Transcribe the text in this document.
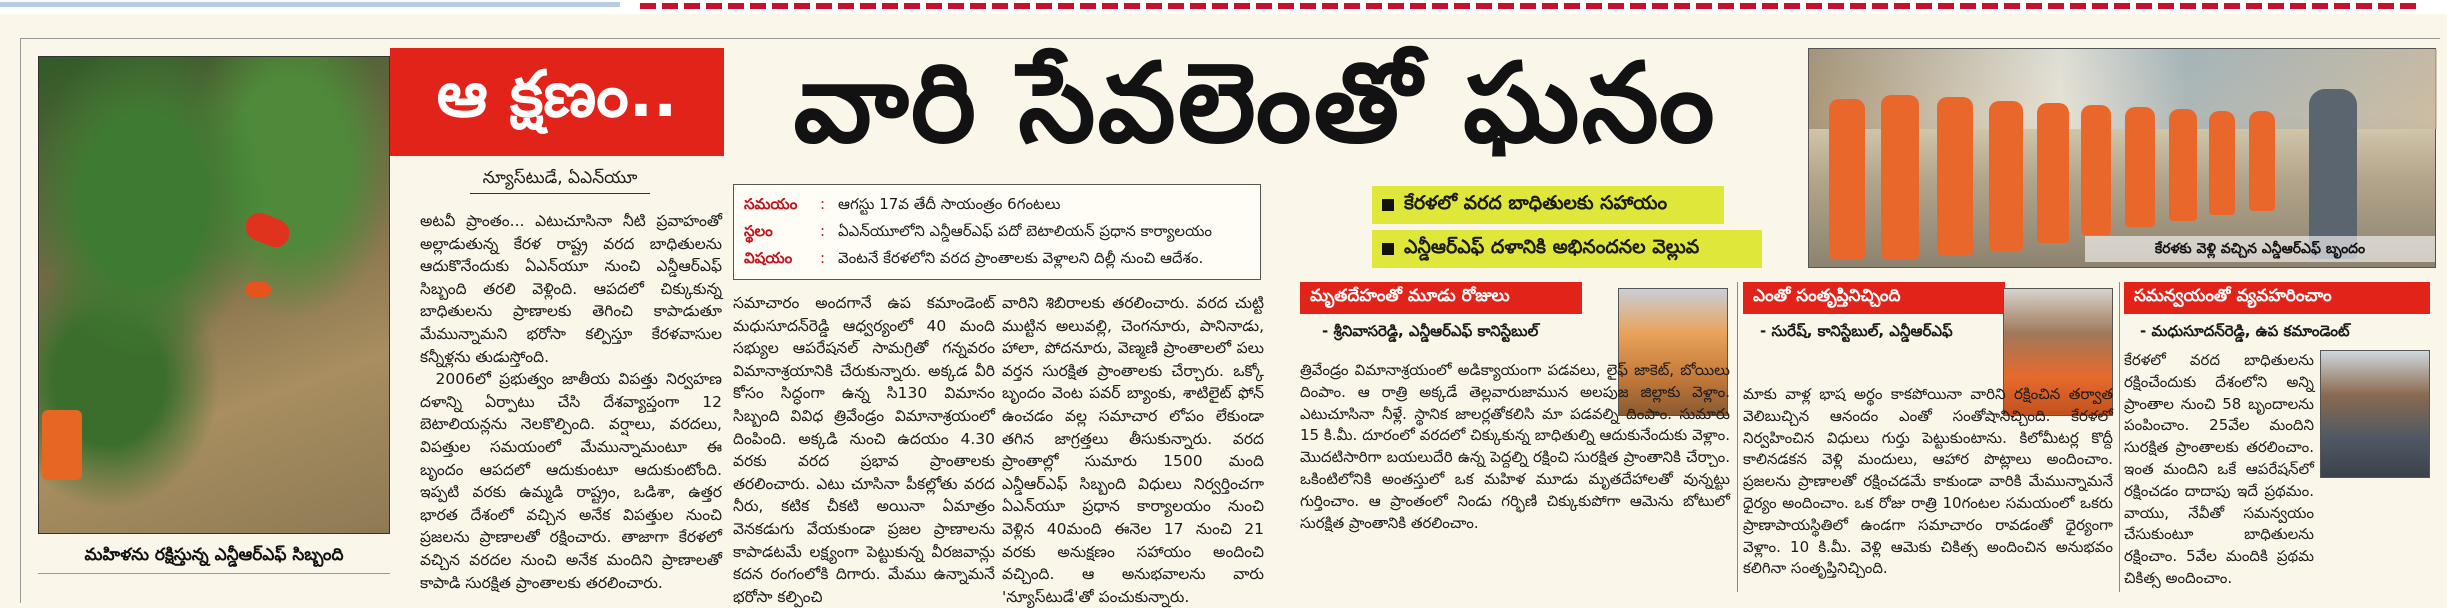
మహిళను రక్షిస్తున్న ఎన్డీఆర్‌ఎఫ్ సిబ్బంది
ఆ క్షణం..	వారి సేవలెంతో ఘనం
న్యూస్‌టుడే, ఏఎన్‌యూ

అటవీ ప్రాంతం... ఎటుచూసినా నీటి ప్రవాహంతో అల్లాడుతున్న కేరళ రాష్ట్ర వరద బాధితులను ఆదుకొనేందుకు ఏఎన్‌యూ నుంచి ఎన్డీఆర్‌ఎఫ్ సిబ్బంది తరలి వెళ్లింది. ఆపదలో చిక్కుకున్న బాధితులను ప్రాణాలకు తెగించి కాపాడుతూ మేమున్నామని భరోసా కల్పిస్తూ కేరళవాసుల కన్నీళ్లను తుడుస్తోంది.

2006లో ప్రభుత్వం జాతీయ విపత్తు నిర్వహణ దళాన్ని ఏర్పాటు చేసి దేశవ్యాప్తంగా 12 బెటాలియన్లను నెలకొల్పింది. వర్షాలు, వరదలు, విపత్తుల సమయంలో మేమున్నామంటూ ఈ బృందం ఆపదలో ఆదుకుంటూ ఆదుకుంటోంది. ఇప్పటి వరకు ఉమ్మడి రాష్ట్రం, ఒడిశా, ఉత్తర భారత దేశంలో వచ్చిన అనేక విపత్తుల నుంచి ప్రజలను ప్రాణాలతో రక్షించారు. తాజాగా కేరళలో వచ్చిన వరదల నుంచి అనేక మందిని ప్రాణాలతో కాపాడి సురక్షిత ప్రాంతాలకు తరలించారు.

సమయం	: ఆగస్టు 17వ తేదీ సాయంత్రం 6గంటలు
స్థలం	: ఏఎన్‌యూలోని ఎన్డీఆర్‌ఎఫ్ పదో బెటాలియన్ ప్రధాన కార్యాలయం
విషయం	: వెంటనే కేరళలోని వరద ప్రాంతాలకు వెళ్లాలని దిల్లీ నుంచి ఆదేశం.

సమాచారం అందగానే ఉప కమాండెంట్ మధుసూదన్‌రెడ్డి ఆధ్వర్యంలో 40 మంది సభ్యుల ఆపరేషనల్ సామగ్రితో గన్నవరం విమానాశ్రయానికి చేరుకున్నారు. అక్కడ వీరి కోసం సిద్ధంగా ఉన్న సి130 విమానం సిబ్బంది వివిధ త్రివేండ్రం విమానాశ్రయంలో దింపింది. అక్కడి నుంచి ఉదయం 4.30 వరకు వరద ప్రభావ ప్రాంతాలకు తరలించారు. ఎటు చూసినా పీకల్లోతు వరద నీరు, కటిక చీకటి అయినా ఏమాత్రం వెనకడుగు వేయకుండా ప్రజల ప్రాణాలను కాపాడటమే లక్ష్యంగా పెట్టుకున్న వీరజవాన్లు కదన రంగంలోకి దిగారు. మేము ఉన్నామనే భరోసా కల్పించి

వారిని శిబిరాలకు తరలించారు. వరద చుట్టి ముట్టిన అలువల్లి, చెంగనూరు, పానినాడు, హాలా, పోదనూరు, వెణ్మణి ప్రాంతాలలో పలు వర్తన సురక్షిత ప్రాంతాలకు చేర్చారు. ఒక్కో బృందం వెంట పవర్ బ్యాంకు, శాటిలైట్ ఫోన్ ఉంచడం వల్ల సమాచార లోపం లేకుండా తగిన జాగ్రత్తలు తీసుకున్నారు. వరద ప్రాంతాల్లో సుమారు 1500 మంది ఎన్డీఆర్‌ఎఫ్ సిబ్బంది విధులు నిర్వర్తించగా ఏఎన్‌యూ ప్రధాన కార్యాలయం నుంచి వెళ్లిన 40మంది ఈనెల 17 నుంచి 21 వరకు అనుక్షణం సహాయం అందించి వచ్చింది. ఆ అనుభవాలను వారు 'న్యూస్‌టుడే'తో పంచుకున్నారు.

కేరళలో వరద బాధితులకు సహాయం
ఎన్డీఆర్‌ఎఫ్ దళానికి అభినందనల వెల్లువ	కేరళకు వెళ్లి వచ్చిన ఎన్డీఆర్‌ఎఫ్ బృందం
మృతదేహంతో మూడు రోజులు
- శ్రీనివాసరెడ్డి, ఎన్డీఆర్‌ఎఫ్ కానిస్టేబుల్
త్రివేండ్రం విమానాశ్రయంలో అడిక్యాయంగా పడవలు, లైఫ్ జాకెట్, బోయిలు దింపాం. ఆ రాత్రి అక్కడే తెల్లవారుజామున అలపుజ జిల్లాకు వెళ్లాం. ఎటుచూసినా నీళ్లే. స్థానిక జాలర్లతోకలిసి మా పడవల్ని దింపాం. సుమారు 15 కి.మీ. దూరంలో వరదలో చిక్కుకున్న బాధితుల్ని ఆదుకునేందుకు వెళ్లాం. మొదటిసారిగా బయలుదేరి ఉన్న పెద్దల్ని రక్షించి సురక్షిత ప్రాంతానికి చేర్చాం. ఒకింటిలోనికి అంతస్తులో ఒక మహిళ మూడు మృతదేహాలతో వున్నట్టు గుర్తించాం. ఆ ప్రాంతంలో నిండు గర్భిణి చిక్కుకుపోగా ఆమెను బోటులో సురక్షిత ప్రాంతానికి తరలించాం.
ఎంతో సంతృప్తినిచ్చింది
- సురేష్, కానిస్టేబుల్, ఎన్డీఆర్‌ఎఫ్
మాకు వాళ్ల భాష అర్థం కాకపోయినా వారిని రక్షించిన తర్వాత వెలిబుచ్చిన ఆనందం ఎంతో సంతోషానిచ్చింది. కేరళలో నిర్వహించిన విధులు గుర్తు పెట్టుకుంటాను. కిలోమీటర్ల కొద్దీ కాలినడకన వెళ్లి మందులు, ఆహార పొట్లాలు అందించాం. ప్రజలను ప్రాణాలతో రక్షించడమే కాకుండా వారికి మేమున్నామనే ధైర్యం అందించాం. ఒక రోజు రాత్రి 10గంటల సమయంలో ఒకరు ప్రాణాపాయస్థితిలో ఉండగా సమాచారం రావడంతో ధైర్యంగా వెళ్లాం. 10 కి.మీ. వెళ్లి ఆమెకు చికిత్స అందించిన అనుభవం కలిగినా సంతృప్తినిచ్చింది.
సమన్వయంతో వ్యవహరించాం
- మధుసూదన్‌రెడ్డి, ఉప కమాండెంట్
కేరళలో వరద బాధితులను రక్షించేందుకు దేశంలోని అన్ని ప్రాంతాల నుంచి 58 బృందాలను పంపించాం. 25వేల మందిని సురక్షిత ప్రాంతాలకు తరలించాం. ఇంత మందిని ఒకే ఆపరేషన్‌లో రక్షించడం దాదాపు ఇదే ప్రథమం. వాయు, నేవీతో సమన్వయం చేసుకుంటూ బాధితులను రక్షించాం. 5వేల మందికి ప్రథమ చికిత్స అందించాం.
